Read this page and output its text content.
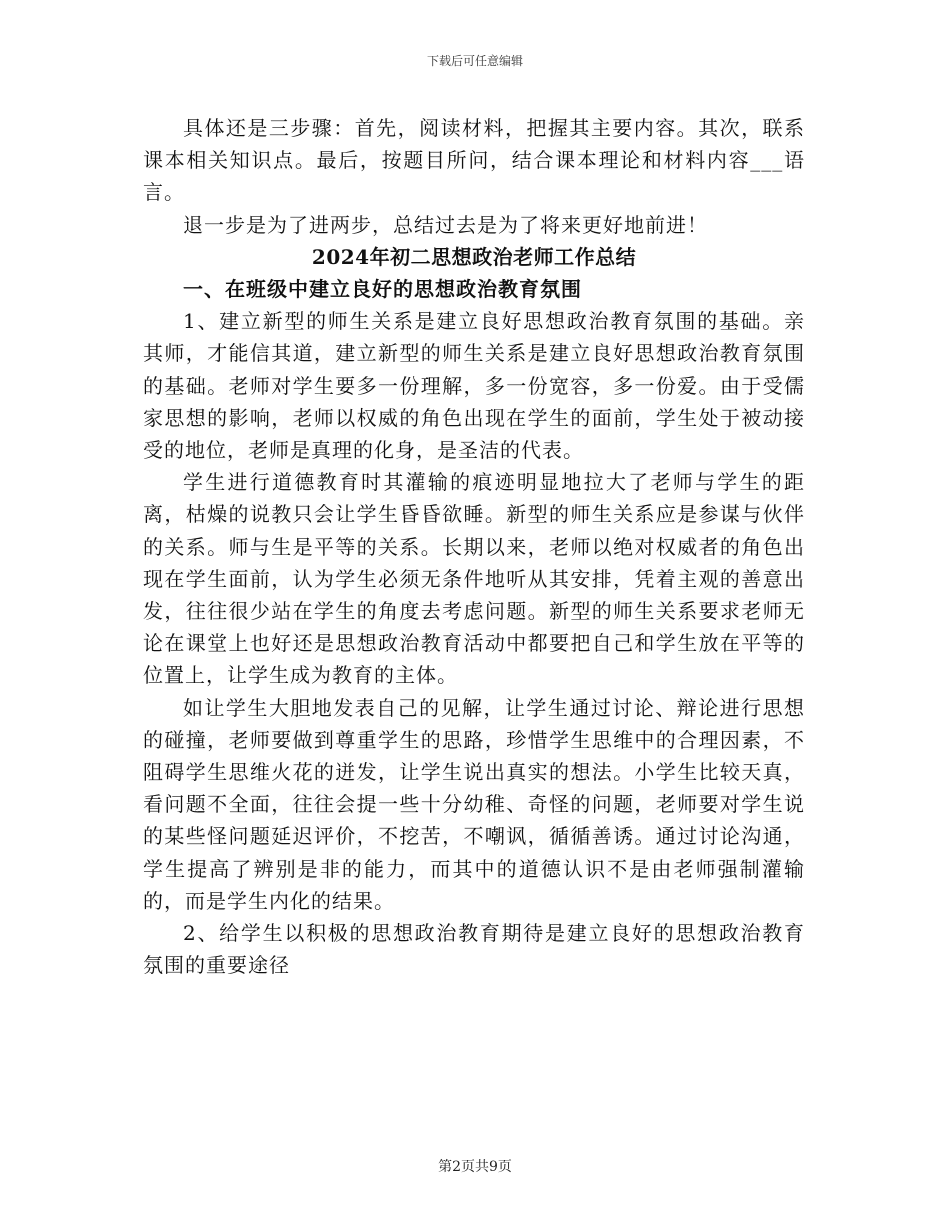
下载后可任意编辑

具体还是三步骤：首先，阅读材料，把握其主要内容。其次，联系课本相关知识点。最后，按题目所问，结合课本理论和材料内容___语言。

退一步是为了进两步，总结过去是为了将来更好地前进！

2024年初二思想政治老师工作总结

一、在班级中建立良好的思想政治教育氛围

1、建立新型的师生关系是建立良好思想政治教育氛围的基础。亲其师，才能信其道，建立新型的师生关系是建立良好思想政治教育氛围的基础。老师对学生要多一份理解，多一份宽容，多一份爱。由于受儒家思想的影响，老师以权威的角色出现在学生的面前，学生处于被动接受的地位，老师是真理的化身，是圣洁的代表。

学生进行道德教育时其灌输的痕迹明显地拉大了老师与学生的距离，枯燥的说教只会让学生昏昏欲睡。新型的师生关系应是参谋与伙伴的关系。师与生是平等的关系。长期以来，老师以绝对权威者的角色出现在学生面前，认为学生必须无条件地听从其安排，凭着主观的善意出发，往往很少站在学生的角度去考虑问题。新型的师生关系要求老师无论在课堂上也好还是思想政治教育活动中都要把自己和学生放在平等的位置上，让学生成为教育的主体。

如让学生大胆地发表自己的见解，让学生通过讨论、辩论进行思想的碰撞，老师要做到尊重学生的思路，珍惜学生思维中的合理因素，不阻碍学生思维火花的迸发，让学生说出真实的想法。小学生比较天真，看问题不全面，往往会提一些十分幼稚、奇怪的问题，老师要对学生说的某些怪问题延迟评价，不挖苦，不嘲讽，循循善诱。通过讨论沟通，学生提高了辨别是非的能力，而其中的道德认识不是由老师强制灌输的，而是学生内化的结果。

2、给学生以积极的思想政治教育期待是建立良好的思想政治教育氛围的重要途径

第2页共9页
